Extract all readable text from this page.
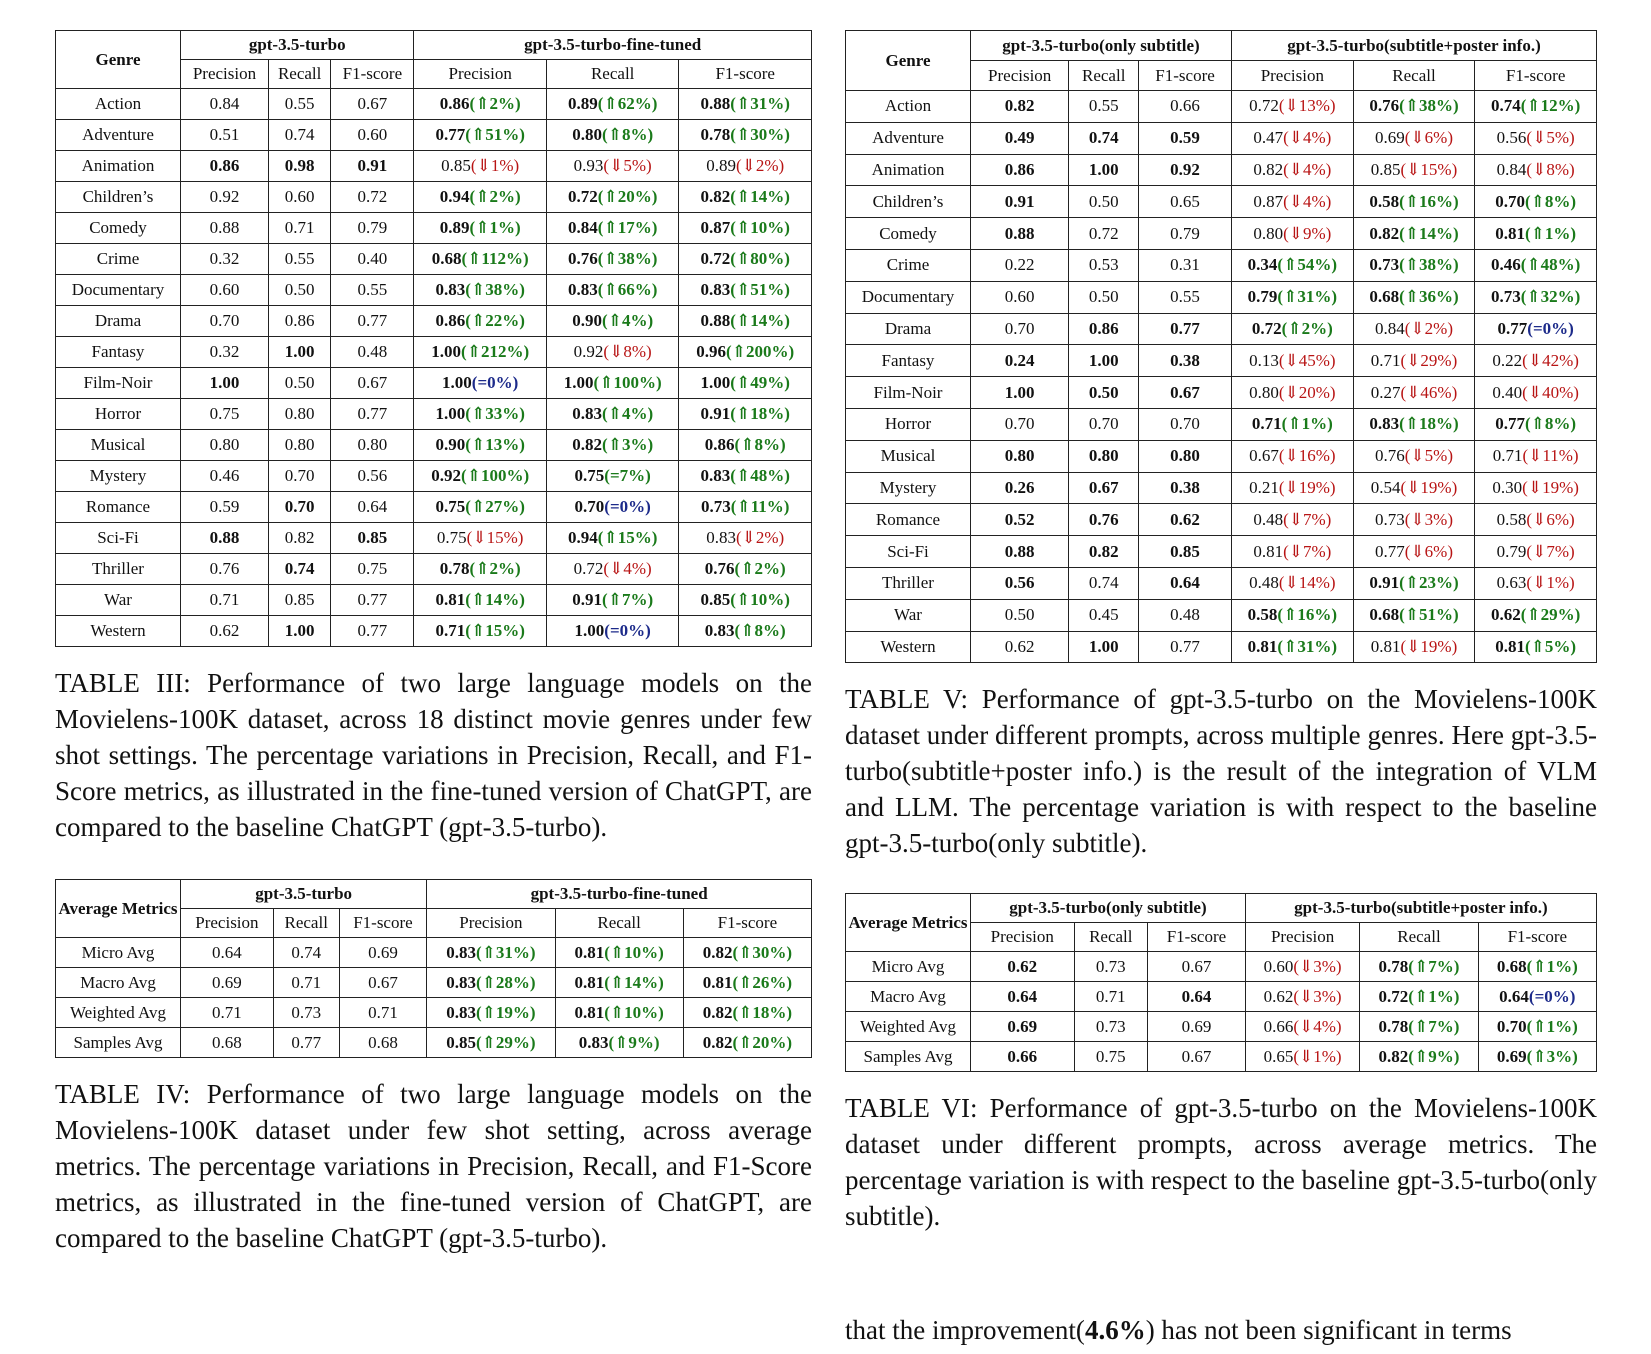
Genre	gpt-3.5-turbo			gpt-3.5-turbo-fine-tuned		
	Precision	Recall	F1-score	Precision	Recall	F1-score
Action	0.84	0.55	0.67	0.86(⇑2%)	0.89(⇑62%)	0.88(⇑31%)
Adventure	0.51	0.74	0.60	0.77(⇑51%)	0.80(⇑8%)	0.78(⇑30%)
Animation	0.86	0.98	0.91	0.85(⇓1%)	0.93(⇓5%)	0.89(⇓2%)
Children’s	0.92	0.60	0.72	0.94(⇑2%)	0.72(⇑20%)	0.82(⇑14%)
Comedy	0.88	0.71	0.79	0.89(⇑1%)	0.84(⇑17%)	0.87(⇑10%)
Crime	0.32	0.55	0.40	0.68(⇑112%)	0.76(⇑38%)	0.72(⇑80%)
Documentary	0.60	0.50	0.55	0.83(⇑38%)	0.83(⇑66%)	0.83(⇑51%)
Drama	0.70	0.86	0.77	0.86(⇑22%)	0.90(⇑4%)	0.88(⇑14%)
Fantasy	0.32	1.00	0.48	1.00(⇑212%)	0.92(⇓8%)	0.96(⇑200%)
Film-Noir	1.00	0.50	0.67	1.00(=0%)	1.00(⇑100%)	1.00(⇑49%)
Horror	0.75	0.80	0.77	1.00(⇑33%)	0.83(⇑4%)	0.91(⇑18%)
Musical	0.80	0.80	0.80	0.90(⇑13%)	0.82(⇑3%)	0.86(⇑8%)
Mystery	0.46	0.70	0.56	0.92(⇑100%)	0.75(=7%)	0.83(⇑48%)
Romance	0.59	0.70	0.64	0.75(⇑27%)	0.70(=0%)	0.73(⇑11%)
Sci-Fi	0.88	0.82	0.85	0.75(⇓15%)	0.94(⇑15%)	0.83(⇓2%)
Thriller	0.76	0.74	0.75	0.78(⇑2%)	0.72(⇓4%)	0.76(⇑2%)
War	0.71	0.85	0.77	0.81(⇑14%)	0.91(⇑7%)	0.85(⇑10%)
Western	0.62	1.00	0.77	0.71(⇑15%)	1.00(=0%)	0.83(⇑8%)

TABLE III: Performance of two large language models on the Movielens-100K dataset, across 18 distinct movie genres under few shot settings. The percentage variations in Precision, Recall, and F1-Score metrics, as illustrated in the fine-tuned version of ChatGPT, are compared to the baseline ChatGPT (gpt-3.5-turbo).

Average Metrics	gpt-3.5-turbo			gpt-3.5-turbo-fine-tuned		
	Precision	Recall	F1-score	Precision	Recall	F1-score
Micro Avg	0.64	0.74	0.69	0.83(⇑31%)	0.81(⇑10%)	0.82(⇑30%)
Macro Avg	0.69	0.71	0.67	0.83(⇑28%)	0.81(⇑14%)	0.81(⇑26%)
Weighted Avg	0.71	0.73	0.71	0.83(⇑19%)	0.81(⇑10%)	0.82(⇑18%)
Samples Avg	0.68	0.77	0.68	0.85(⇑29%)	0.83(⇑9%)	0.82(⇑20%)

TABLE IV: Performance of two large language models on the Movielens-100K dataset under few shot setting, across average metrics. The percentage variations in Precision, Recall, and F1-Score metrics, as illustrated in the fine-tuned version of ChatGPT, are compared to the baseline ChatGPT (gpt-3.5-turbo).

Genre	gpt-3.5-turbo(only subtitle)			gpt-3.5-turbo(subtitle+poster info.)		
	Precision	Recall	F1-score	Precision	Recall	F1-score
Action	0.82	0.55	0.66	0.72(⇓13%)	0.76(⇑38%)	0.74(⇑12%)
Adventure	0.49	0.74	0.59	0.47(⇓4%)	0.69(⇓6%)	0.56(⇓5%)
Animation	0.86	1.00	0.92	0.82(⇓4%)	0.85(⇓15%)	0.84(⇓8%)
Children’s	0.91	0.50	0.65	0.87(⇓4%)	0.58(⇑16%)	0.70(⇑8%)
Comedy	0.88	0.72	0.79	0.80(⇓9%)	0.82(⇑14%)	0.81(⇑1%)
Crime	0.22	0.53	0.31	0.34(⇑54%)	0.73(⇑38%)	0.46(⇑48%)
Documentary	0.60	0.50	0.55	0.79(⇑31%)	0.68(⇑36%)	0.73(⇑32%)
Drama	0.70	0.86	0.77	0.72(⇑2%)	0.84(⇓2%)	0.77(=0%)
Fantasy	0.24	1.00	0.38	0.13(⇓45%)	0.71(⇓29%)	0.22(⇓42%)
Film-Noir	1.00	0.50	0.67	0.80(⇓20%)	0.27(⇓46%)	0.40(⇓40%)
Horror	0.70	0.70	0.70	0.71(⇑1%)	0.83(⇑18%)	0.77(⇑8%)
Musical	0.80	0.80	0.80	0.67(⇓16%)	0.76(⇓5%)	0.71(⇓11%)
Mystery	0.26	0.67	0.38	0.21(⇓19%)	0.54(⇓19%)	0.30(⇓19%)
Romance	0.52	0.76	0.62	0.48(⇓7%)	0.73(⇓3%)	0.58(⇓6%)
Sci-Fi	0.88	0.82	0.85	0.81(⇓7%)	0.77(⇓6%)	0.79(⇓7%)
Thriller	0.56	0.74	0.64	0.48(⇓14%)	0.91(⇑23%)	0.63(⇓1%)
War	0.50	0.45	0.48	0.58(⇑16%)	0.68(⇑51%)	0.62(⇑29%)
Western	0.62	1.00	0.77	0.81(⇑31%)	0.81(⇓19%)	0.81(⇑5%)

TABLE V: Performance of gpt-3.5-turbo on the Movielens-100K dataset under different prompts, across multiple genres. Here gpt-3.5-turbo(subtitle+poster info.) is the result of the integration of VLM and LLM. The percentage variation is with respect to the baseline gpt-3.5-turbo(only subtitle).

Average Metrics	gpt-3.5-turbo(only subtitle)			gpt-3.5-turbo(subtitle+poster info.)		
	Precision	Recall	F1-score	Precision	Recall	F1-score
Micro Avg	0.62	0.73	0.67	0.60(⇓3%)	0.78(⇑7%)	0.68(⇑1%)
Macro Avg	0.64	0.71	0.64	0.62(⇓3%)	0.72(⇑1%)	0.64(=0%)
Weighted Avg	0.69	0.73	0.69	0.66(⇓4%)	0.78(⇑7%)	0.70(⇑1%)
Samples Avg	0.66	0.75	0.67	0.65(⇓1%)	0.82(⇑9%)	0.69(⇑3%)

TABLE VI: Performance of gpt-3.5-turbo on the Movielens-100K dataset under different prompts, across average metrics. The percentage variation is with respect to the baseline gpt-3.5-turbo(only subtitle).

that the improvement(4.6%) has not been significant in terms
